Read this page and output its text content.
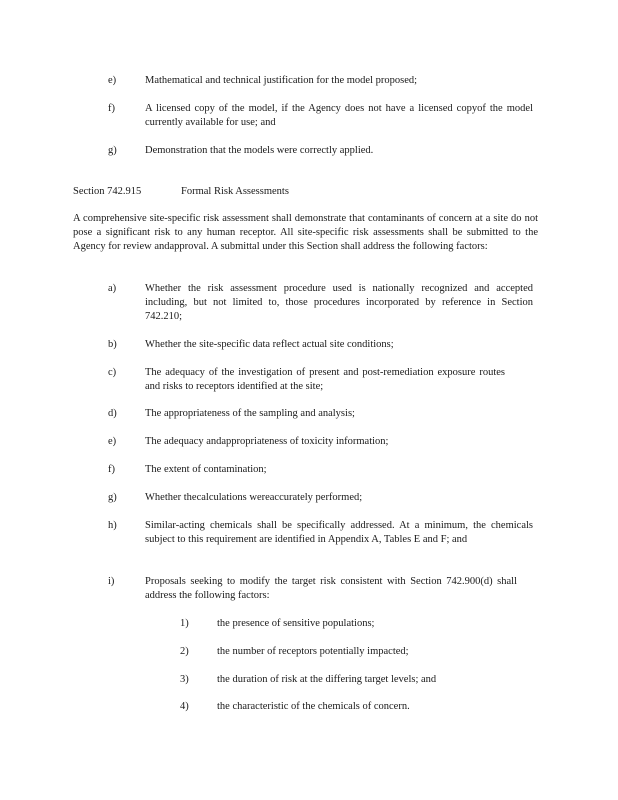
e)	Mathematical and technical justification for the model proposed;
f)	A licensed copy of the model, if the Agency does not have a licensed copyof the model currently available for use; and
g)	Demonstration that the models were correctly applied.
Section 742.915	Formal Risk Assessments
A comprehensive site-specific risk assessment shall demonstrate that contaminants of concern at a site do not pose a significant risk to any human receptor. All site-specific risk assessments shall be submitted to the Agency for review andapproval. A submittal under this Section shall address the following factors:
a)	Whether the risk assessment procedure used is nationally recognized and accepted including, but not limited to, those procedures incorporated by reference in Section 742.210;
b)	Whether the site-specific data reflect actual site conditions;
c)	The adequacy of the investigation of present and post-remediation exposure routes and risks to receptors identified at the site;
d)	The appropriateness of the sampling and analysis;
e)	The adequacy andappropriateness of toxicity information;
f)	The extent of contamination;
g)	Whether thecalculations wereaccurately performed;
h)	Similar-acting chemicals shall be specifically addressed. At a minimum, the chemicals subject to this requirement are identified in Appendix A, Tables E and F; and
i)	Proposals seeking to modify the target risk consistent with Section 742.900(d) shall address the following factors:
1)	the presence of sensitive populations;
2)	the number of receptors potentially impacted;
3)	the duration of risk at the differing target levels; and
4)	the characteristic of the chemicals of concern.
